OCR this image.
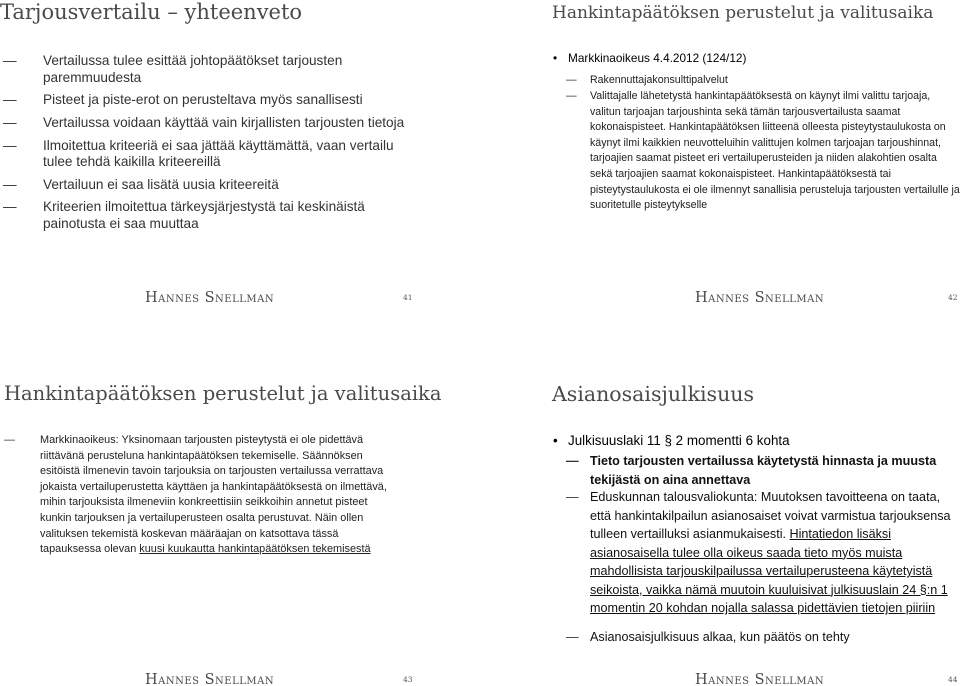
Tarjousvertailu – yhteenveto
— Vertailussa tulee esittää johtopäätökset tarjousten paremmuudesta
— Pisteet ja piste-erot on perusteltava myös sanallisesti
— Vertailussa voidaan käyttää vain kirjallisten tarjousten tietoja
— Ilmoitettua kriteeriä ei saa jättää käyttämättä, vaan vertailu tulee tehdä kaikilla kriteereillä
— Vertailuun ei saa lisätä uusia kriteereitä
— Kriteerien ilmoitettua tärkeysjärjestystä tai keskinäistä painotusta ei saa muuttaa
Hannes Snellman	41
Hankintapäätöksen perustelut ja valitusaika
• Markkinaoikeus 4.4.2012 (124/12)
— Rakennuttajakonsulttipalvelut
— Valittajalle lähetetystä hankintapäätöksestä on käynyt ilmi valittu tarjoaja, valitun tarjoajan tarjoushinta sekä tämän tarjousvertailusta saamat kokonaispisteet. Hankintapäätöksen liitteenä olleesta pisteytystaulukosta on käynyt ilmi kaikkien neuvotteluihin valittujen kolmen tarjoajan tarjoushinnat, tarjoajien saamat pisteet eri vertailuperusteiden ja niiden alakohtien osalta sekä tarjoajien saamat kokonaispisteet. Hankintapäätöksestä tai pisteytystaulukosta ei ole ilmennyt sanallisia perusteluja tarjousten vertailulle ja suoritetulle pisteytykselle
Hannes Snellman	42
Hankintapäätöksen perustelut ja valitusaika
— Markkinaoikeus: Yksinomaan tarjousten pisteytystä ei ole pidettävä riittävänä perusteluna hankintapäätöksen tekemiselle. Säännöksen esitöistä ilmenevin tavoin tarjouksia on tarjousten vertailussa verrattava jokaista vertailuperustetta käyttäen ja hankintapäätöksestä on ilmettävä, mihin tarjouksista ilmeneviin konkreettisiin seikkoihin annetut pisteet kunkin tarjouksen ja vertailuperusteen osalta perustuvat. Näin ollen valituksen tekemistä koskevan määräajan on katsottava tässä tapauksessa olevan kuusi kuukautta hankintapäätöksen tekemisestä
Hannes Snellman	43
Asianosaisjulkisuus
• Julkisuuslaki 11 § 2 momentti 6 kohta
— Tieto tarjousten vertailussa käytetystä hinnasta ja muusta tekijästä on aina annettava
— Eduskunnan talousvaliokunta: Muutoksen tavoitteena on taata, että hankintakilpailun asianosaiset voivat varmistua tarjouksensa tulleen vertailluksi asianmukaisesti. Hintatiedon lisäksi asianosaisella tulee olla oikeus saada tieto myös muista mahdollisista tarjouskilpailussa vertailuperusteena käytetyistä seikoista, vaikka nämä muutoin kuuluisivat julkisuuslain 24 §:n 1 momentin 20 kohdan nojalla salassa pidettävien tietojen piiriin
— Asianosaisjulkisuus alkaa, kun päätös on tehty
Hannes Snellman	44
